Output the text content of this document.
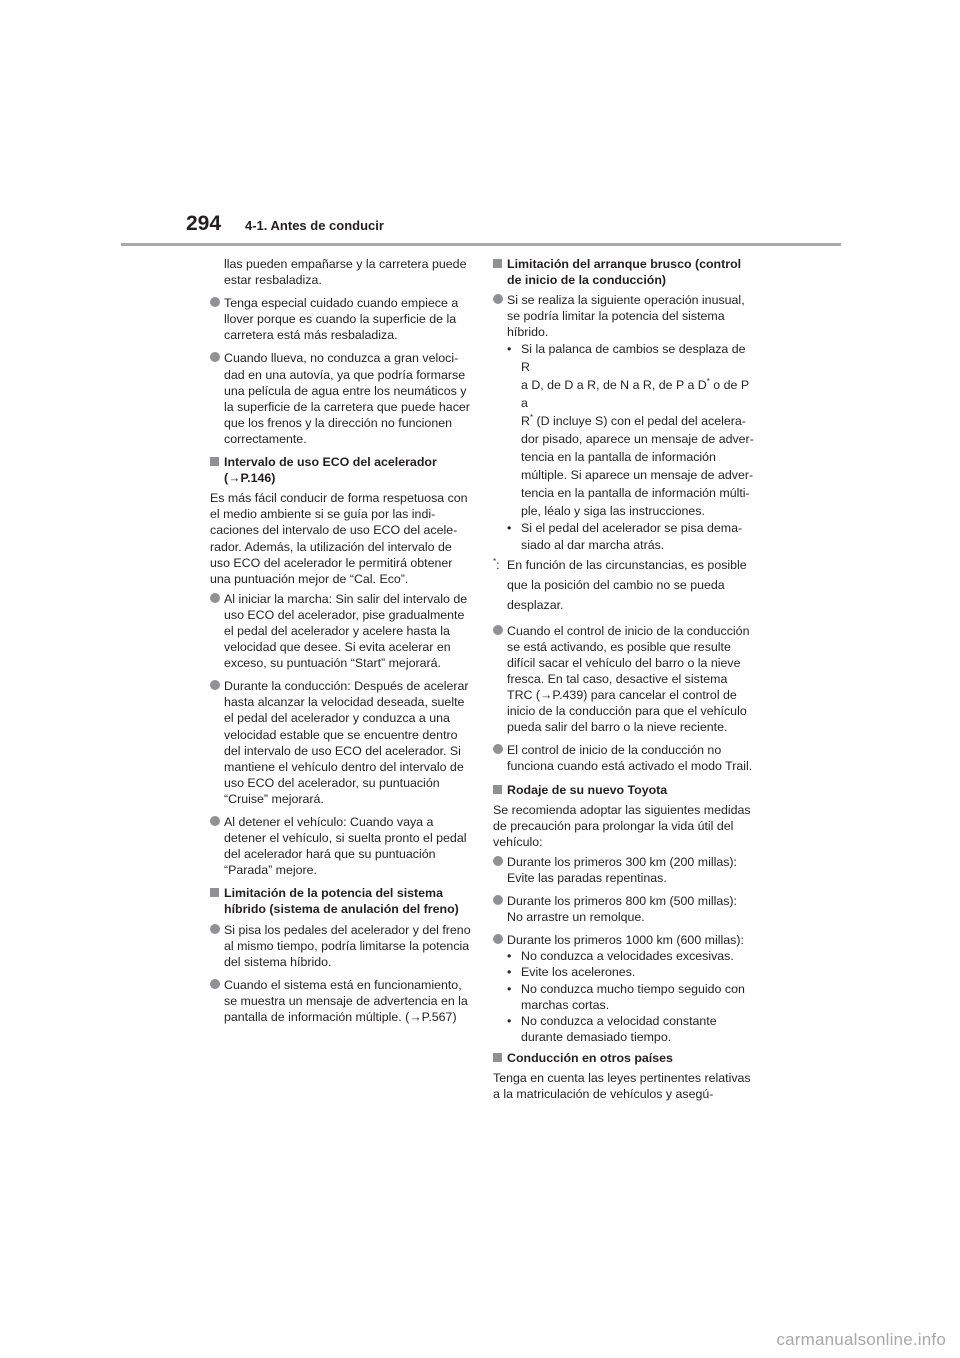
294 4-1. Antes de conducir
llas pueden empañarse y la carretera puede estar resbaladiza.
Tenga especial cuidado cuando empiece a llover porque es cuando la superficie de la carretera está más resbaladiza.
Cuando llueva, no conduzca a gran velocidad en una autovía, ya que podría formarse una película de agua entre los neumáticos y la superficie de la carretera que puede hacer que los frenos y la dirección no funcionen correctamente.
Intervalo de uso ECO del acelerador (→P.146)
Es más fácil conducir de forma respetuosa con el medio ambiente si se guía por las indicaciones del intervalo de uso ECO del acelerador. Además, la utilización del intervalo de uso ECO del acelerador le permitirá obtener una puntuación mejor de “Cal. Eco”.
Al iniciar la marcha: Sin salir del intervalo de uso ECO del acelerador, pise gradualmente el pedal del acelerador y acelere hasta la velocidad que desee. Si evita acelerar en exceso, su puntuación “Start” mejorará.
Durante la conducción: Después de acelerar hasta alcanzar la velocidad deseada, suelte el pedal del acelerador y conduzca a una velocidad estable que se encuentre dentro del intervalo de uso ECO del acelerador. Si mantiene el vehículo dentro del intervalo de uso ECO del acelerador, su puntuación “Cruise” mejorará.
Al detener el vehículo: Cuando vaya a detener el vehículo, si suelta pronto el pedal del acelerador hará que su puntuación “Parada” mejore.
Limitación de la potencia del sistema híbrido (sistema de anulación del freno)
Si pisa los pedales del acelerador y del freno al mismo tiempo, podría limitarse la potencia del sistema híbrido.
Cuando el sistema está en funcionamiento, se muestra un mensaje de advertencia en la pantalla de información múltiple. (→P.567)
Limitación del arranque brusco (control de inicio de la conducción)
Si se realiza la siguiente operación inusual, se podría limitar la potencia del sistema híbrido.
• Si la palanca de cambios se desplaza de R
a D, de D a R, de N a R, de P a D* o de P a
R* (D incluye S) con el pedal del acelerador pisado, aparece un mensaje de advertencia en la pantalla de información múltiple. Si aparece un mensaje de advertencia en la pantalla de información múltiple, léalo y siga las instrucciones.
• Si el pedal del acelerador se pisa demasiado al dar marcha atrás.
*: En función de las circunstancias, es posible que la posición del cambio no se pueda desplazar.
Cuando el control de inicio de la conducción se está activando, es posible que resulte difícil sacar el vehículo del barro o la nieve fresca. En tal caso, desactive el sistema TRC (→P.439) para cancelar el control de inicio de la conducción para que el vehículo pueda salir del barro o la nieve reciente.
El control de inicio de la conducción no funciona cuando está activado el modo Trail.
Rodaje de su nuevo Toyota
Se recomienda adoptar las siguientes medidas de precaución para prolongar la vida útil del vehículo:
Durante los primeros 300 km (200 millas): Evite las paradas repentinas.
Durante los primeros 800 km (500 millas): No arrastre un remolque.
Durante los primeros 1000 km (600 millas):
• No conduzca a velocidades excesivas.
• Evite los acelerones.
• No conduzca mucho tiempo seguido con marchas cortas.
• No conduzca a velocidad constante durante demasiado tiempo.
Conducción en otros países
Tenga en cuenta las leyes pertinentes relativas a la matriculación de vehículos y asegú-
carmanualsonline.info
